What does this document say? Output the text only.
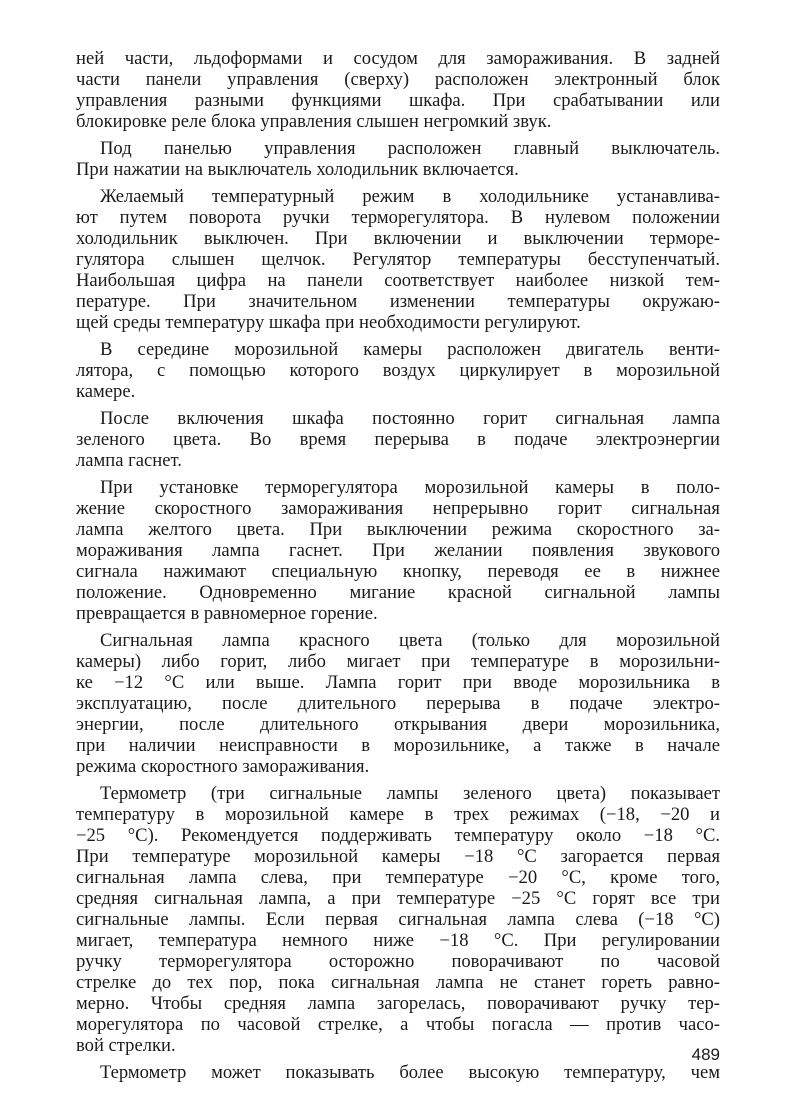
ней части, льдоформами и сосудом для замораживания. В задней
части панели управления (сверху) расположен электронный блок
управления разными функциями шкафа. При срабатывании или
блокировке реле блока управления слышен негромкий звук.
Под панелью управления расположен главный выключатель.
При нажатии на выключатель холодильник включается.
Желаемый температурный режим в холодильнике устанавлива-
ют путем поворота ручки терморегулятора. В нулевом положении
холодильник выключен. При включении и выключении терморе-
гулятора слышен щелчок. Регулятор температуры бесступенчатый.
Наибольшая цифра на панели соответствует наиболее низкой тем-
пературе. При значительном изменении температуры окружаю-
щей среды температуру шкафа при необходимости регулируют.
В середине морозильной камеры расположен двигатель венти-
лятора, с помощью которого воздух циркулирует в морозильной
камере.
После включения шкафа постоянно горит сигнальная лампа
зеленого цвета. Во время перерыва в подаче электроэнергии
лампа гаснет.
При установке терморегулятора морозильной камеры в поло-
жение скоростного замораживания непрерывно горит сигнальная
лампа желтого цвета. При выключении режима скоростного за-
мораживания лампа гаснет. При желании появления звукового
сигнала нажимают специальную кнопку, переводя ее в нижнее
положение. Одновременно мигание красной сигнальной лампы
превращается в равномерное горение.
Сигнальная лампа красного цвета (только для морозильной
камеры) либо горит, либо мигает при температуре в морозильни-
ке −12 °С или выше. Лампа горит при вводе морозильника в
эксплуатацию, после длительного перерыва в подаче электро-
энергии, после длительного открывания двери морозильника,
при наличии неисправности в морозильнике, а также в начале
режима скоростного замораживания.
Термометр (три сигнальные лампы зеленого цвета) показывает
температуру в морозильной камере в трех режимах (−18, −20 и
−25 °С). Рекомендуется поддерживать температуру около −18 °С.
При температуре морозильной камеры −18 °С загорается первая
сигнальная лампа слева, при температуре −20 °С, кроме того,
средняя сигнальная лампа, а при температуре −25 °С горят все три
сигнальные лампы. Если первая сигнальная лампа слева (−18 °С)
мигает, температура немного ниже −18 °С. При регулировании
ручку терморегулятора осторожно поворачивают по часовой
стрелке до тех пор, пока сигнальная лампа не станет гореть равно-
мерно. Чтобы средняя лампа загорелась, поворачивают ручку тер-
морегулятора по часовой стрелке, а чтобы погасла — против часо-
вой стрелки.
Термометр может показывать более высокую температуру, чем
489
